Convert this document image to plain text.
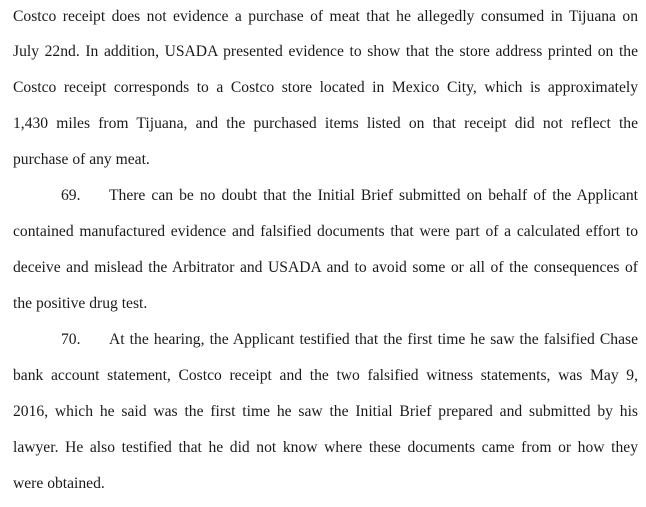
Costco receipt does not evidence a purchase of meat that he allegedly consumed in Tijuana on
July 22nd. In addition, USADA presented evidence to show that the store address printed on the
Costco receipt corresponds to a Costco store located in Mexico City, which is approximately
1,430 miles from Tijuana, and the purchased items listed on that receipt did not reflect the
purchase of any meat.
69. There can be no doubt that the Initial Brief submitted on behalf of the Applicant
contained manufactured evidence and falsified documents that were part of a calculated effort to
deceive and mislead the Arbitrator and USADA and to avoid some or all of the consequences of
the positive drug test.
70. At the hearing, the Applicant testified that the first time he saw the falsified Chase
bank account statement, Costco receipt and the two falsified witness statements, was May 9,
2016, which he said was the first time he saw the Initial Brief prepared and submitted by his
lawyer. He also testified that he did not know where these documents came from or how they
were obtained.
